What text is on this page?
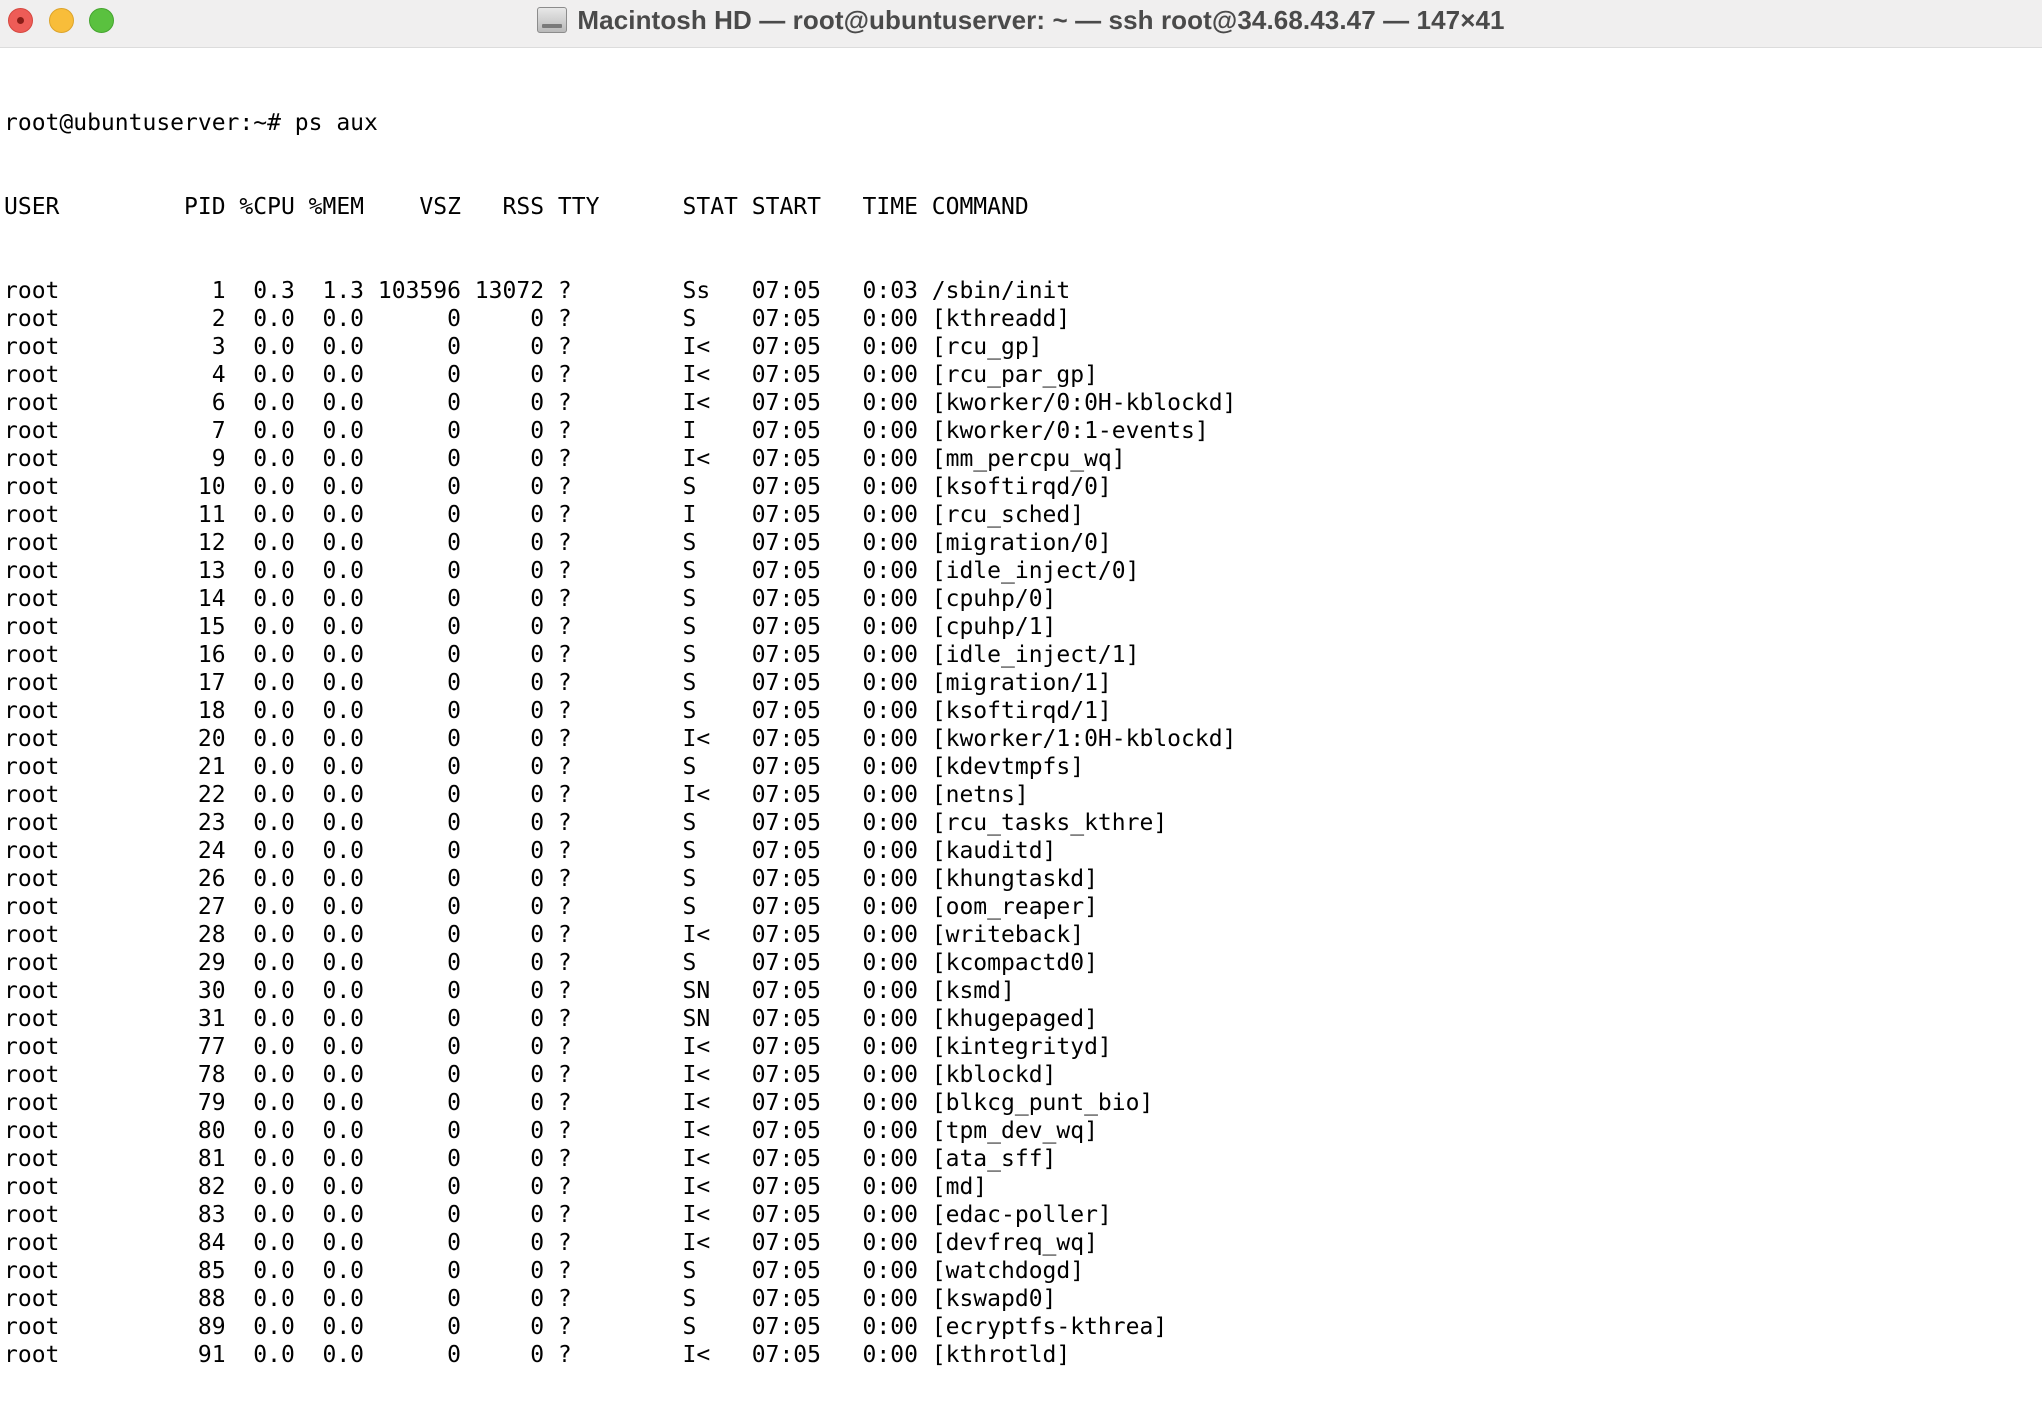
Macintosh HD — root@ubuntuserver: ~ — ssh root@34.68.43.47 — 147×41

root@ubuntuserver:~# ps aux

USER         PID %CPU %MEM    VSZ   RSS TTY      STAT START   TIME COMMAND

root           1  0.3  1.3 103596 13072 ?        Ss   07:05   0:03 /sbin/init
root           2  0.0  0.0      0     0 ?        S    07:05   0:00 [kthreadd]
root           3  0.0  0.0      0     0 ?        I<   07:05   0:00 [rcu_gp]
root           4  0.0  0.0      0     0 ?        I<   07:05   0:00 [rcu_par_gp]
root           6  0.0  0.0      0     0 ?        I<   07:05   0:00 [kworker/0:0H-kblockd]
root           7  0.0  0.0      0     0 ?        I    07:05   0:00 [kworker/0:1-events]
root           9  0.0  0.0      0     0 ?        I<   07:05   0:00 [mm_percpu_wq]
root          10  0.0  0.0      0     0 ?        S    07:05   0:00 [ksoftirqd/0]
root          11  0.0  0.0      0     0 ?        I    07:05   0:00 [rcu_sched]
root          12  0.0  0.0      0     0 ?        S    07:05   0:00 [migration/0]
root          13  0.0  0.0      0     0 ?        S    07:05   0:00 [idle_inject/0]
root          14  0.0  0.0      0     0 ?        S    07:05   0:00 [cpuhp/0]
root          15  0.0  0.0      0     0 ?        S    07:05   0:00 [cpuhp/1]
root          16  0.0  0.0      0     0 ?        S    07:05   0:00 [idle_inject/1]
root          17  0.0  0.0      0     0 ?        S    07:05   0:00 [migration/1]
root          18  0.0  0.0      0     0 ?        S    07:05   0:00 [ksoftirqd/1]
root          20  0.0  0.0      0     0 ?        I<   07:05   0:00 [kworker/1:0H-kblockd]
root          21  0.0  0.0      0     0 ?        S    07:05   0:00 [kdevtmpfs]
root          22  0.0  0.0      0     0 ?        I<   07:05   0:00 [netns]
root          23  0.0  0.0      0     0 ?        S    07:05   0:00 [rcu_tasks_kthre]
root          24  0.0  0.0      0     0 ?        S    07:05   0:00 [kauditd]
root          26  0.0  0.0      0     0 ?        S    07:05   0:00 [khungtaskd]
root          27  0.0  0.0      0     0 ?        S    07:05   0:00 [oom_reaper]
root          28  0.0  0.0      0     0 ?        I<   07:05   0:00 [writeback]
root          29  0.0  0.0      0     0 ?        S    07:05   0:00 [kcompactd0]
root          30  0.0  0.0      0     0 ?        SN   07:05   0:00 [ksmd]
root          31  0.0  0.0      0     0 ?        SN   07:05   0:00 [khugepaged]
root          77  0.0  0.0      0     0 ?        I<   07:05   0:00 [kintegrityd]
root          78  0.0  0.0      0     0 ?        I<   07:05   0:00 [kblockd]
root          79  0.0  0.0      0     0 ?        I<   07:05   0:00 [blkcg_punt_bio]
root          80  0.0  0.0      0     0 ?        I<   07:05   0:00 [tpm_dev_wq]
root          81  0.0  0.0      0     0 ?        I<   07:05   0:00 [ata_sff]
root          82  0.0  0.0      0     0 ?        I<   07:05   0:00 [md]
root          83  0.0  0.0      0     0 ?        I<   07:05   0:00 [edac-poller]
root          84  0.0  0.0      0     0 ?        I<   07:05   0:00 [devfreq_wq]
root          85  0.0  0.0      0     0 ?        S    07:05   0:00 [watchdogd]
root          88  0.0  0.0      0     0 ?        S    07:05   0:00 [kswapd0]
root          89  0.0  0.0      0     0 ?        S    07:05   0:00 [ecryptfs-kthrea]
root          91  0.0  0.0      0     0 ?        I<   07:05   0:00 [kthrotld]
